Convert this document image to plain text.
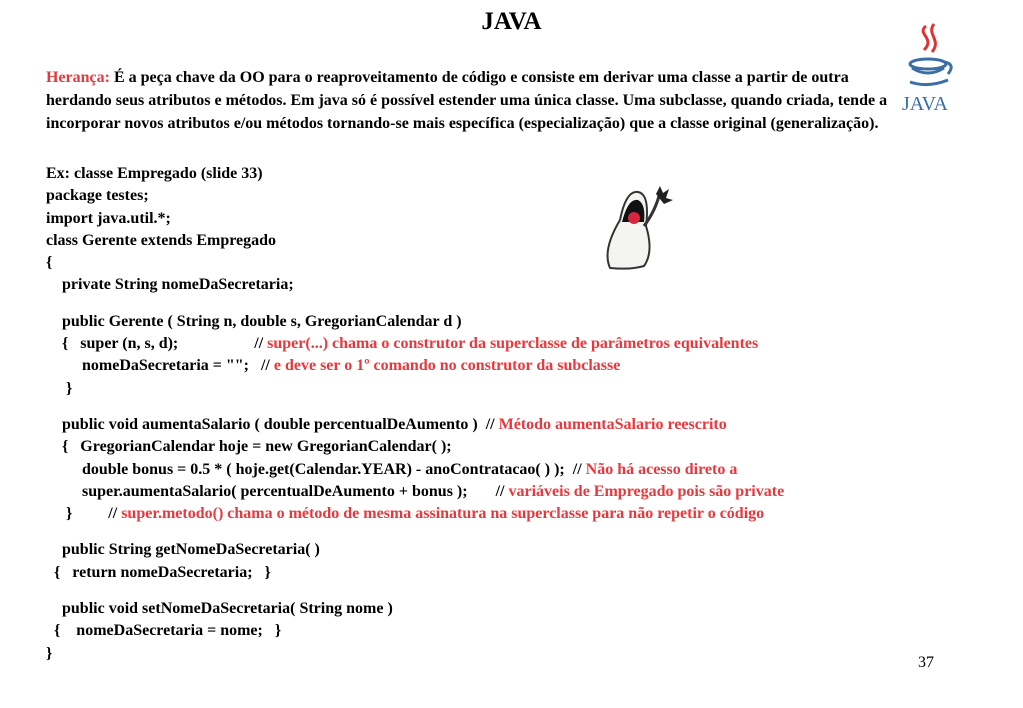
JAVA
JAVA
Herança: É a peça chave da OO para o reaproveitamento de código e consiste em derivar uma classe a partir de outra herdando seus atributos e métodos. Em java só é possível estender uma única classe. Uma subclasse, quando criada, tende a incorporar novos atributos e/ou métodos tornando-se mais específica (especialização) que a classe original (generalização).
Ex: classe Empregado (slide 33)
package testes;
import java.util.*;
class Gerente extends Empregado
{
private String nomeDaSecretaria;
public Gerente ( String n, double s, GregorianCalendar d )
{   super (n, s, d);                   // super(...) chama o construtor da superclasse de parâmetros equivalentes
nomeDaSecretaria = "";   // e deve ser o 1º comando no construtor da subclasse
}
public void aumentaSalario ( double percentualDeAumento )  // Método aumentaSalario reescrito
{   GregorianCalendar hoje = new GregorianCalendar( );
double bonus = 0.5 * ( hoje.get(Calendar.YEAR) - anoContratacao( ) );  // Não há acesso direto a
super.aumentaSalario( percentualDeAumento + bonus );       // variáveis de Empregado pois são private
}         // super.metodo() chama o método de mesma assinatura na superclasse para não repetir o código
public String getNomeDaSecretaria( )
{   return nomeDaSecretaria;   }
public void setNomeDaSecretaria( String nome )
{    nomeDaSecretaria = nome;   }
}
37
